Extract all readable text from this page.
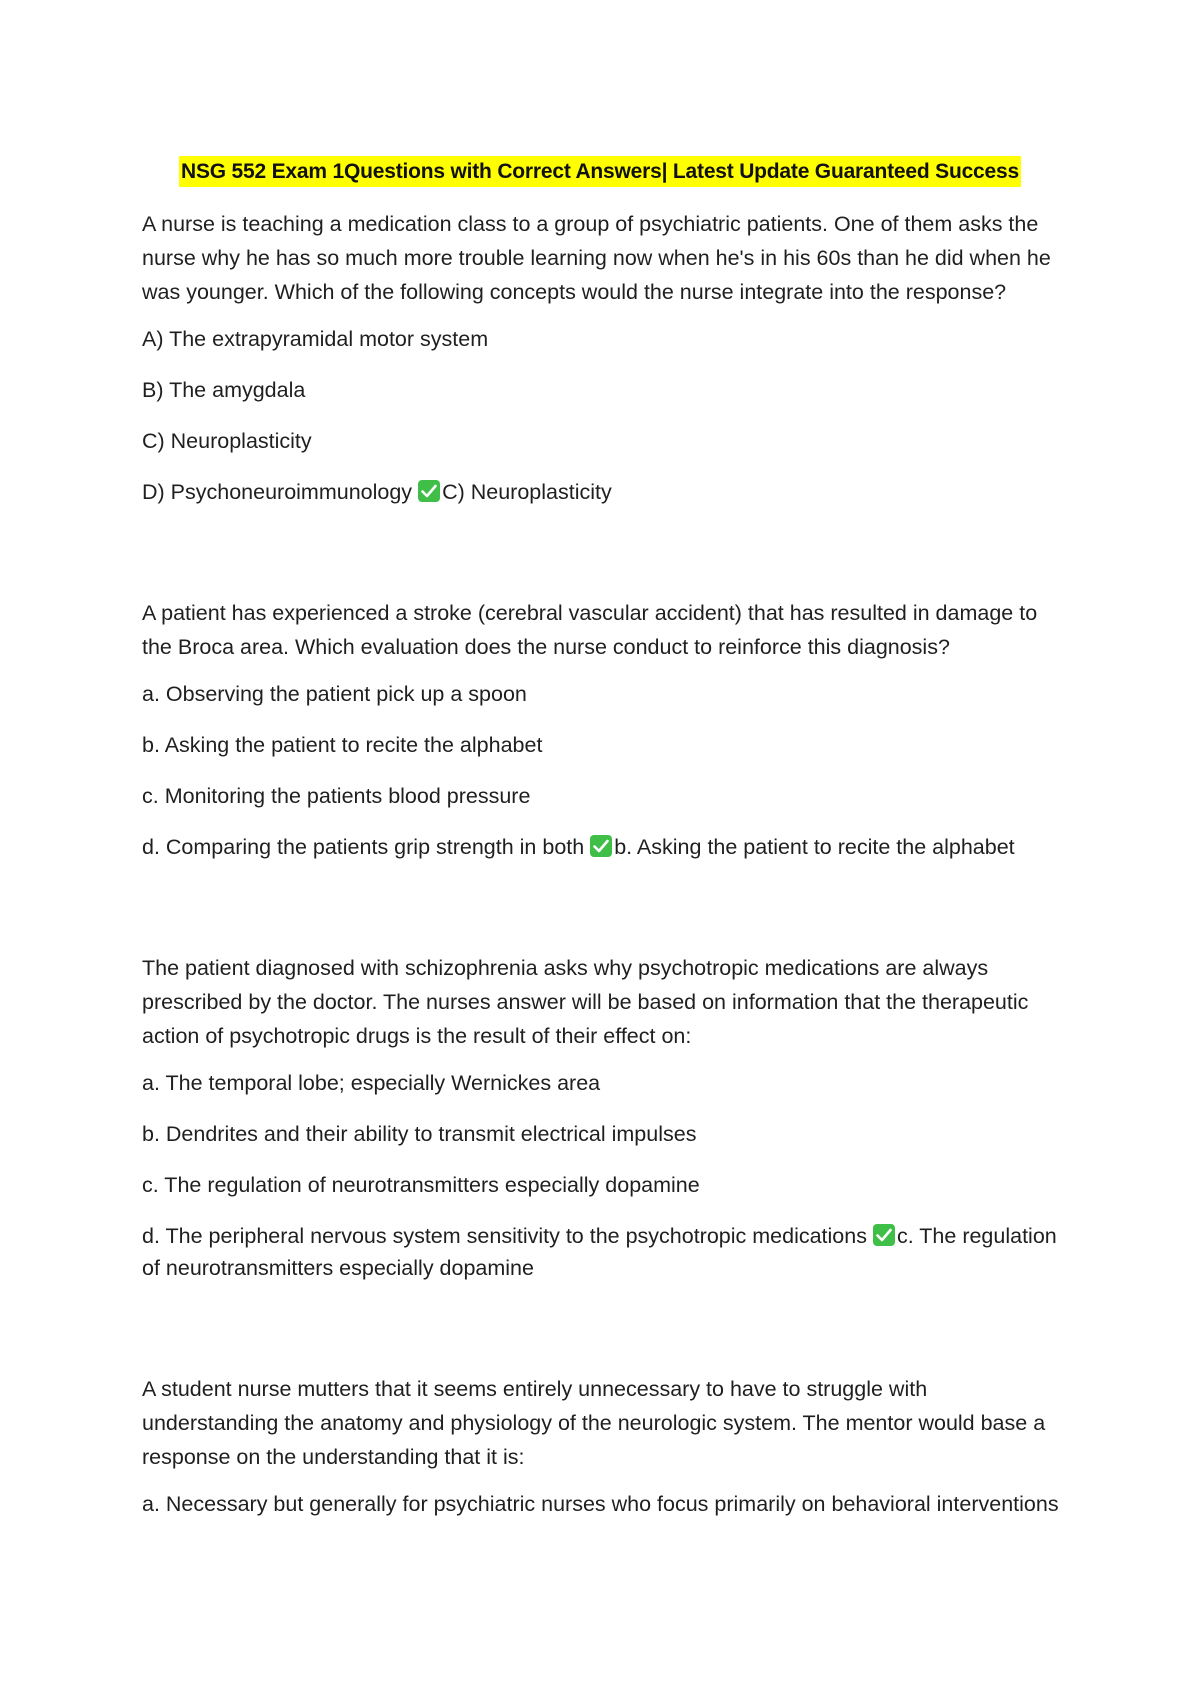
NSG 552 Exam 1Questions with Correct Answers| Latest Update Guaranteed Success
A nurse is teaching a medication class to a group of psychiatric patients. One of them asks the nurse why he has so much more trouble learning now when he's in his 60s than he did when he was younger. Which of the following concepts would the nurse integrate into the response?
A) The extrapyramidal motor system
B) The amygdala
C) Neuroplasticity
D) Psychoneuroimmunology C) Neuroplasticity
A patient has experienced a stroke (cerebral vascular accident) that has resulted in damage to the Broca area. Which evaluation does the nurse conduct to reinforce this diagnosis?
a. Observing the patient pick up a spoon
b. Asking the patient to recite the alphabet
c. Monitoring the patients blood pressure
d. Comparing the patients grip strength in both b. Asking the patient to recite the alphabet
The patient diagnosed with schizophrenia asks why psychotropic medications are always prescribed by the doctor. The nurses answer will be based on information that the therapeutic action of psychotropic drugs is the result of their effect on:
a. The temporal lobe; especially Wernickes area
b. Dendrites and their ability to transmit electrical impulses
c. The regulation of neurotransmitters especially dopamine
d. The peripheral nervous system sensitivity to the psychotropic medications c. The regulation of neurotransmitters especially dopamine
A student nurse mutters that it seems entirely unnecessary to have to struggle with understanding the anatomy and physiology of the neurologic system. The mentor would base a response on the understanding that it is:
a. Necessary but generally for psychiatric nurses who focus primarily on behavioral interventions
